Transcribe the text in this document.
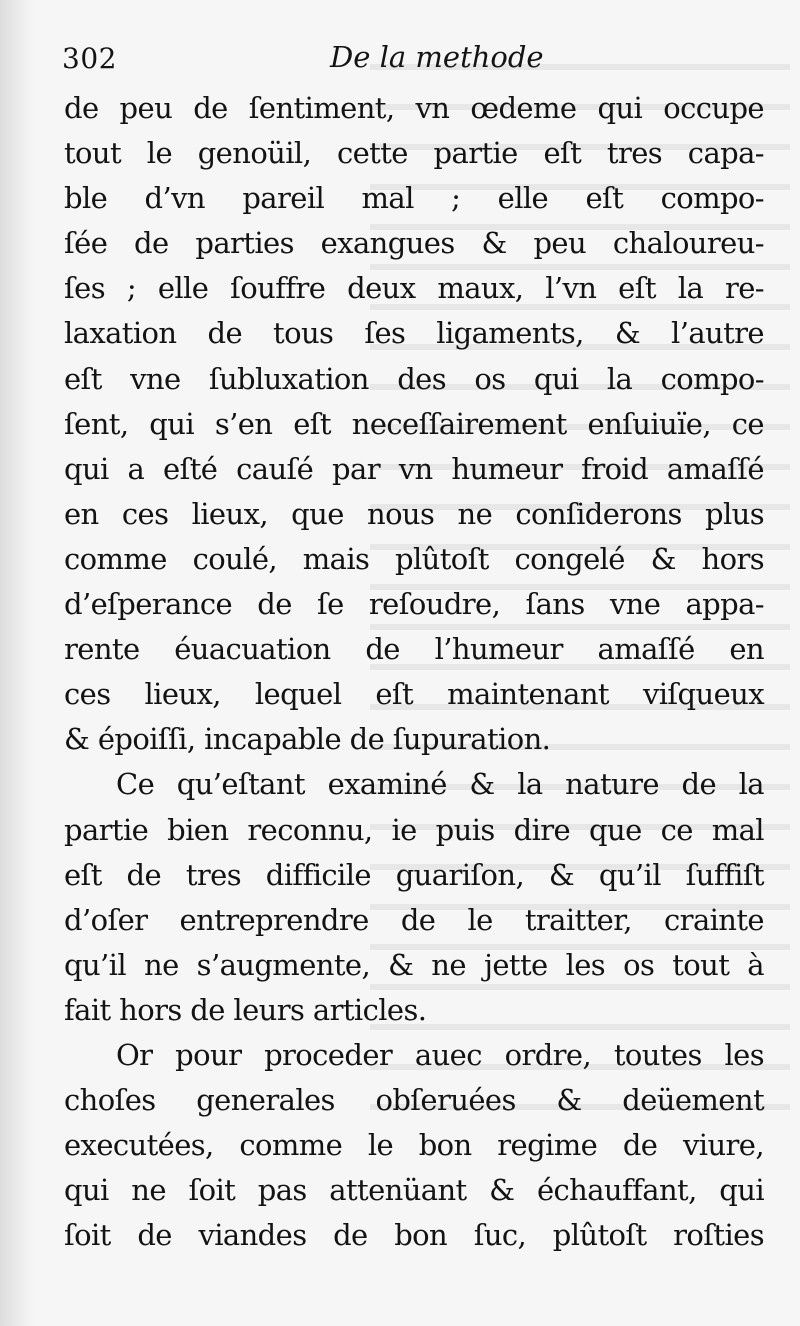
302	De la methode
de peu de ſentiment, vn œdeme qui occupe
tout le genoüil, cette partie eſt tres capa-
ble d’vn pareil mal ; elle eſt compo-
ſée de parties exangues & peu chaloureu-
ſes ; elle ſouffre deux maux, l’vn eſt la re-
laxation de tous ſes ligaments, & l’autre
eſt vne ſubluxation des os qui la compo-
ſent, qui s’en eſt neceſſairement enſuiuïe, ce
qui a eſté cauſé par vn humeur froid amaſſé
en ces lieux, que nous ne conſiderons plus
comme coulé, mais plûtoſt congelé & hors
d’eſperance de ſe reſoudre, ſans vne appa-
rente éuacuation de l’humeur amaſſé en
ces lieux, lequel eſt maintenant viſqueux
& époiſſi, incapable de ſupuration.
Ce qu’eſtant examiné & la nature de la
partie bien reconnu, ie puis dire que ce mal
eſt de tres difficile guariſon, & qu’il ſuffiſt
d’oſer entreprendre de le traitter, crainte
qu’il ne s’augmente, & ne jette les os tout à
fait hors de leurs articles.
Or pour proceder auec ordre, toutes les
choſes generales obſeruées & deüement
executées, comme le bon regime de viure,
qui ne ſoit pas attenüant & échauffant, qui
ſoit de viandes de bon ſuc, plûtoſt roſties
